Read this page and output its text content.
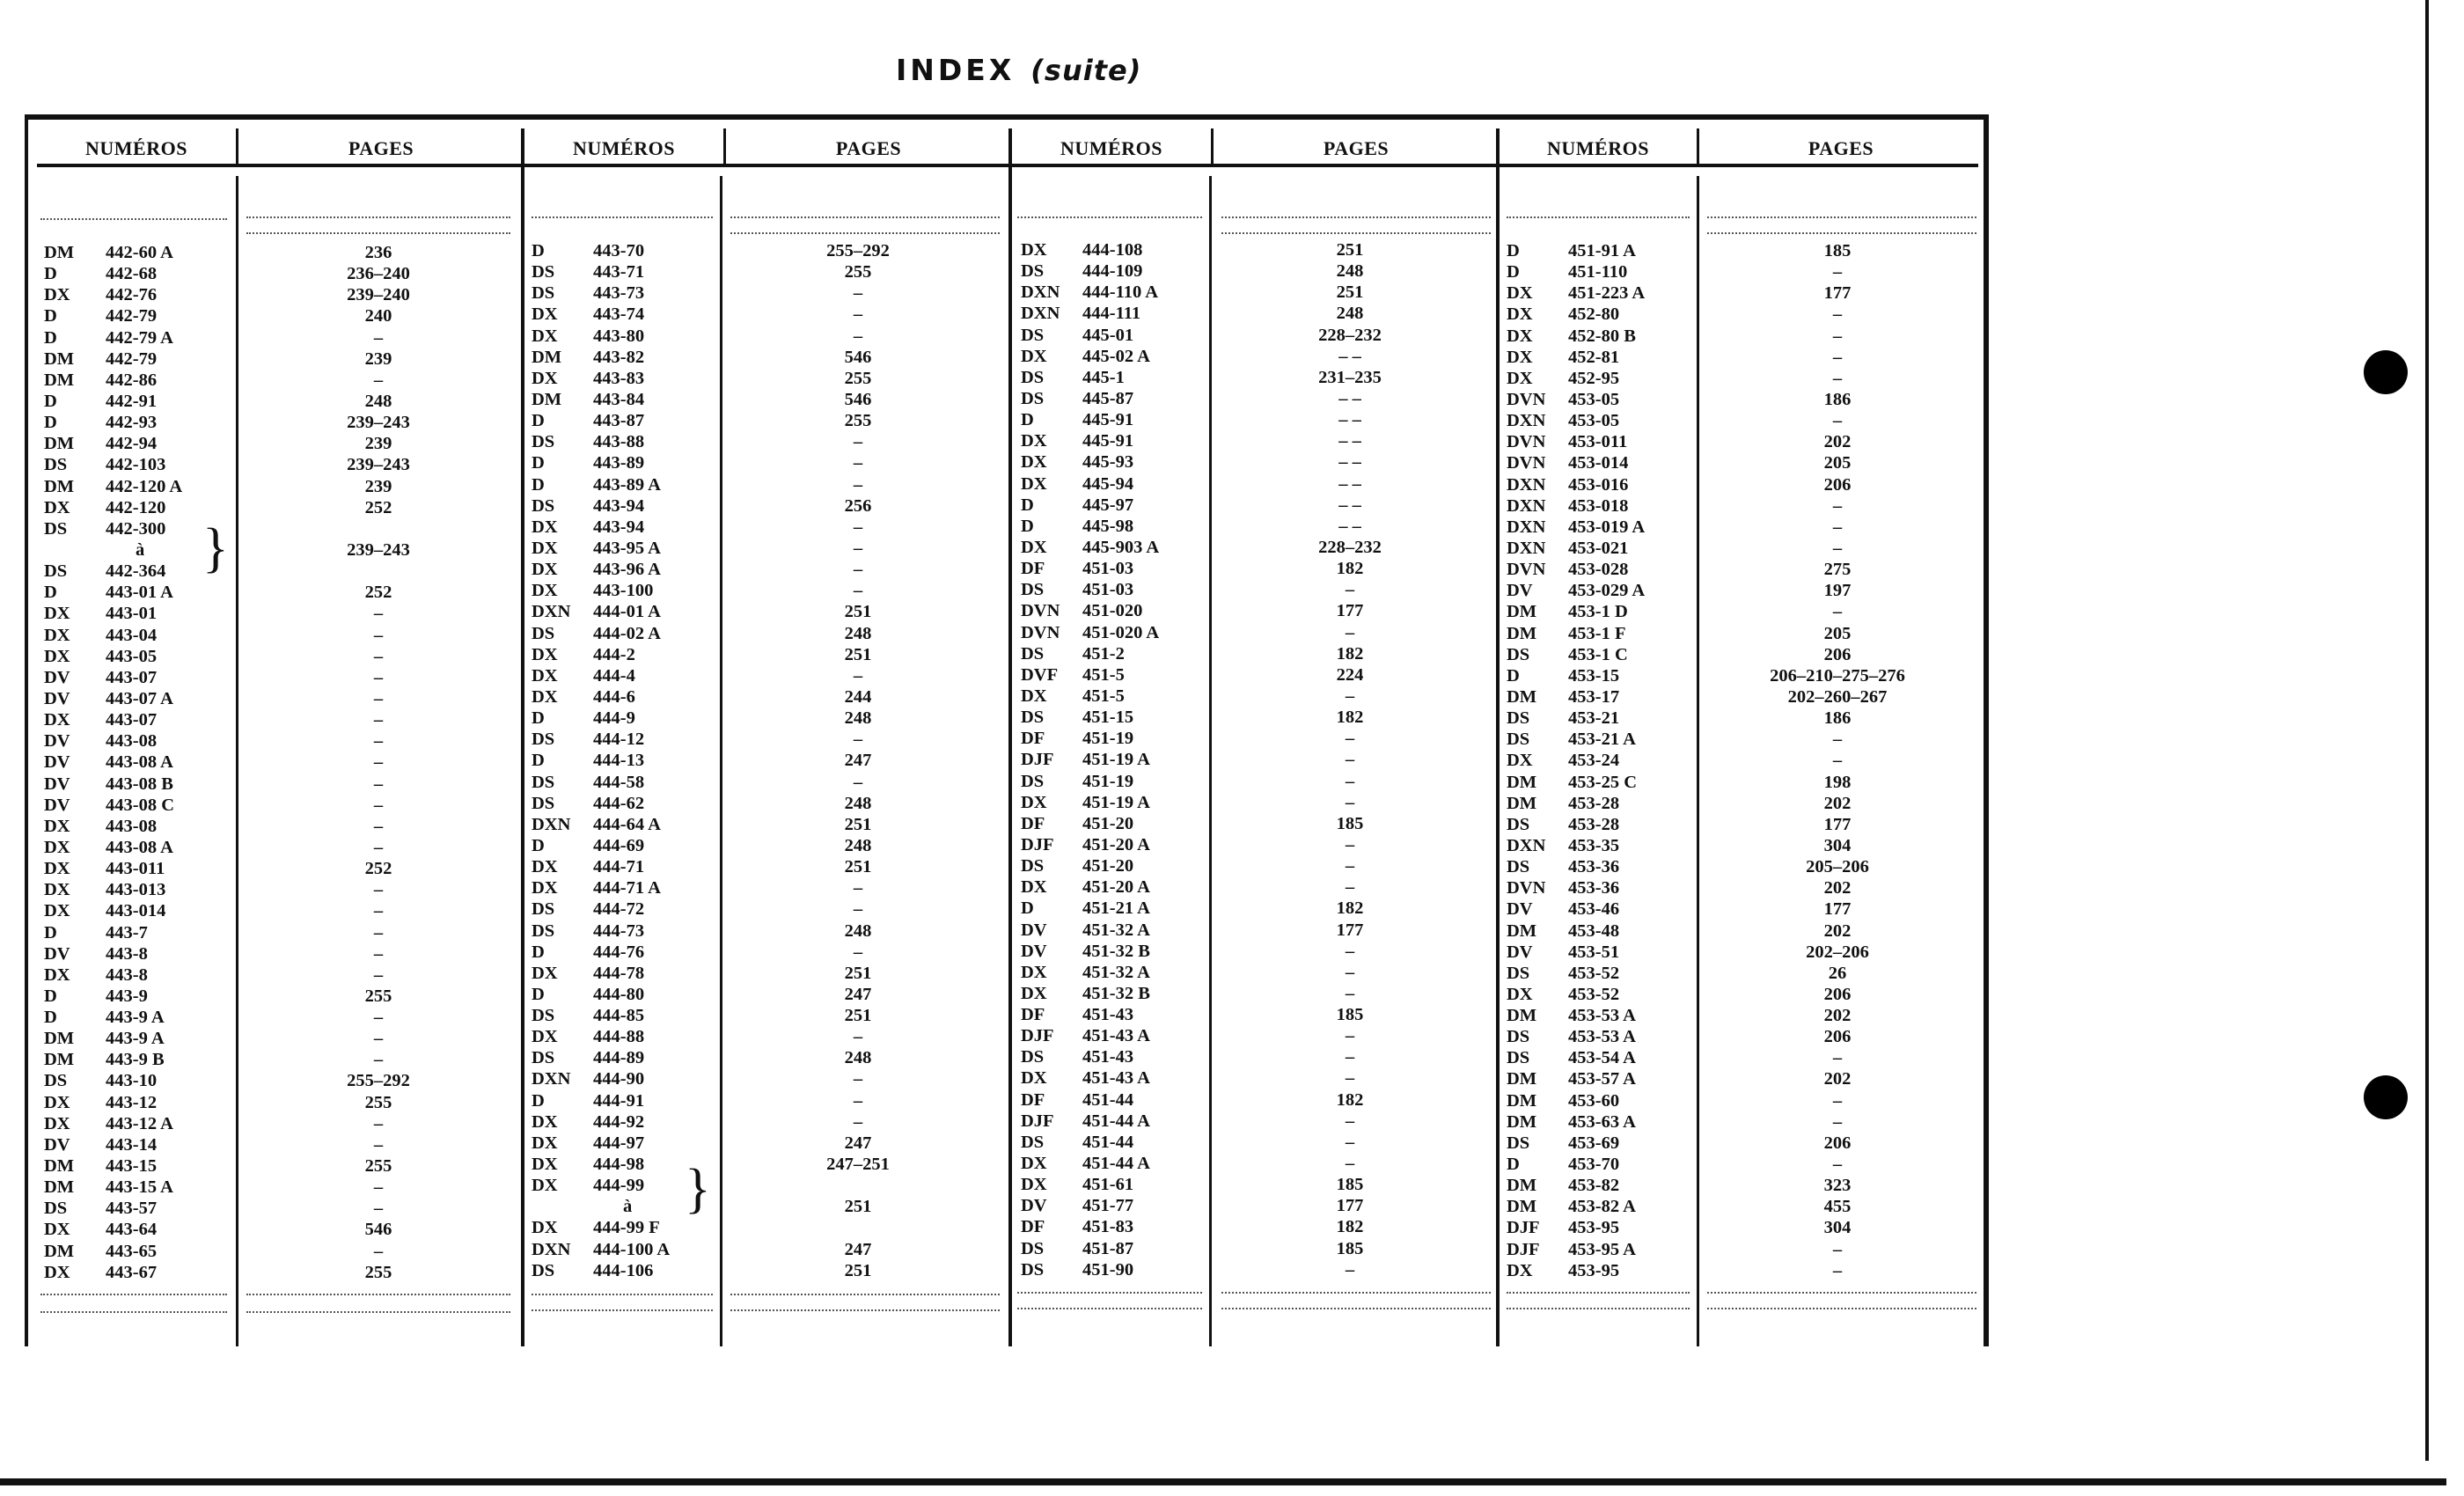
INDEX (suite)
NUMÉROS	PAGES	NUMÉROS	PAGES	NUMÉROS	PAGES	NUMÉROS	PAGES
DM 442-60 A	236
D	442-68	236–240
DX 442-76	239–240
D	442-79	240
D	442-79 A	–
DM 442-79	239
DM 442-86	–
D	442-91	248
D	442-93	239–243
DM 442-94	239
DS 442-103	239–243
DM 442-120 A	239
DX 442-120	252
DS 442-300
à	239–243
DS 442-364
D	443-01 A	252
DX 443-01	–
DX 443-04	–
DX 443-05	–
DV 443-07	–
DV 443-07 A	–
DX 443-07	–
DV 443-08	–
DV 443-08 A	–
DV 443-08 B	–
DV 443-08 C	–
DX 443-08	–
DX 443-08 A	–
DX 443-011	252
DX 443-013	–
DX 443-014	–
D	443-7	–
DV 443-8	–
DX 443-8	–
D	443-9	255
D	443-9 A	–
DM 443-9 A	–
DM 443-9 B	–
DS 443-10	255–292
DX 443-12	255
DX 443-12 A	–
DV 443-14	–
DM 443-15	255
DM 443-15 A	–
DS 443-57	–
DX 443-64	546
DM 443-65	–
DX 443-67	255
D	443-70	255–292
DS 443-71	255
DS 443-73	–
DX 443-74	–
DX 443-80	–
DM 443-82	546
DX 443-83	255
DM 443-84	546
D	443-87	255
DS 443-88	–
D	443-89	–
D	443-89 A	–
DS 443-94	256
DX 443-94	–
DX 443-95 A	–
DX 443-96 A	–
DX 443-100	–
DXN 444-01 A	251
DS 444-02 A	248
DX 444-2	251
DX 444-4	–
DX 444-6	244
D	444-9	248
DS 444-12	–
D	444-13	247
DS 444-58	–
DS 444-62	248
DXN 444-64 A	251
D	444-69	248
DX 444-71	251
DX 444-71 A	–
DS 444-72	–
DS 444-73	248
D	444-76	–
DX 444-78	251
D	444-80	247
DS 444-85	251
DX 444-88	–
DS 444-89	248
DXN 444-90	–
D	444-91	–
DX 444-92	–
DX 444-97	247
DX 444-98	247–251
DX 444-99
à	251
DX 444-99 F
DXN 444-100 A	247
DS 444-106	251
DX 444-108	251
DS 444-109	248
DXN 444-110 A	251
DXN 444-111	248
DS 445-01	228–232
DX 445-02 A	– –
DS 445-1	231–235
DS 445-87	– –
D	445-91	– –
DX 445-91	– –
DX 445-93	– –
DX 445-94	– –
D	445-97	– –
D	445-98	– –
DX 445-903 A	228–232
DF 451-03	182
DS 451-03	–
DVN 451-020	177
DVN 451-020 A	–
DS 451-2	182
DVF 451-5	224
DX 451-5	–
DS 451-15	182
DF 451-19	–
DJF 451-19 A	–
DS 451-19	–
DX 451-19 A	–
DF 451-20	185
DJF 451-20 A	–
DS 451-20	–
DX 451-20 A	–
D	451-21 A	182
DV 451-32 A	177
DV 451-32 B	–
DX 451-32 A	–
DX 451-32 B	–
DF 451-43	185
DJF 451-43 A	–
DS 451-43	–
DX 451-43 A	–
DF 451-44	182
DJF 451-44 A	–
DS 451-44	–
DX 451-44 A	–
DX 451-61	185
DV 451-77	177
DF 451-83	182
DS 451-87	185
DS 451-90	–
D	451-91 A	185
D	451-110	–
DX 451-223 A	177
DX 452-80	–
DX 452-80 B	–
DX 452-81	–
DX 452-95	–
DVN 453-05	186
DXN 453-05	–
DVN 453-011	202
DVN 453-014	205
DXN 453-016	206
DXN 453-018	–
DXN 453-019 A	–
DXN 453-021	–
DVN 453-028	275
DV 453-029 A	197
DM 453-1 D	–
DM 453-1 F	205
DS 453-1 C	206
D	453-15	206–210–275–276
DM 453-17	202–260–267
DS 453-21	186
DS 453-21 A	–
DX 453-24	–
DM 453-25 C	198
DM 453-28	202
DS 453-28	177
DXN 453-35	304
DS 453-36	205–206
DVN 453-36	202
DV 453-46	177
DM 453-48	202
DV 453-51	202–206
DS 453-52	26
DX 453-52	206
DM 453-53 A	202
DS 453-53 A	206
DS 453-54 A	–
DM 453-57 A	202
DM 453-60	–
DM 453-63 A	–
DS 453-69	206
D	453-70	–
DM 453-82	323
DM 453-82 A	455
DJF 453-95	304
DJF 453-95 A	–
DX 453-95	–
}
}
